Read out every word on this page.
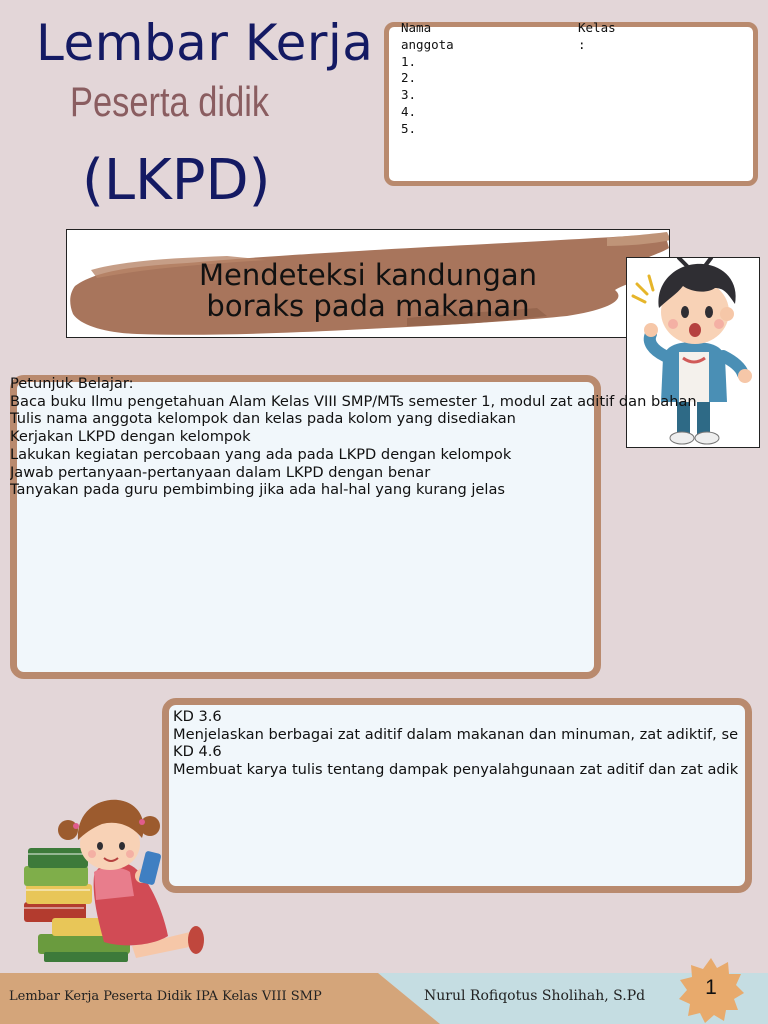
Lembar Kerja
Peserta didik
(LKPD)
Nama
anggota
1.
2.
3.
4.
5.
Kelas
:
Mendeteksi kandungan
boraks pada makanan
Petunjuk Belajar:
Baca buku Ilmu pengetahuan Alam Kelas VIII SMP/MTs semester 1, modul zat aditif dan bahan
Tulis nama anggota kelompok dan kelas pada kolom yang disediakan
Kerjakan LKPD dengan kelompok
Lakukan kegiatan percobaan yang ada pada LKPD dengan kelompok
Jawab pertanyaan-pertanyaan dalam LKPD dengan benar
Tanyakan pada guru pembimbing jika ada hal-hal yang kurang jelas
KD 3.6
Menjelaskan berbagai zat aditif dalam makanan dan minuman, zat adiktif, se
KD 4.6
Membuat karya tulis tentang dampak penyalahgunaan zat aditif dan zat adik
Lembar Kerja Peserta Didik IPA Kelas VIII SMP	Nurul Rofiqotus Sholihah, S.Pd	1
